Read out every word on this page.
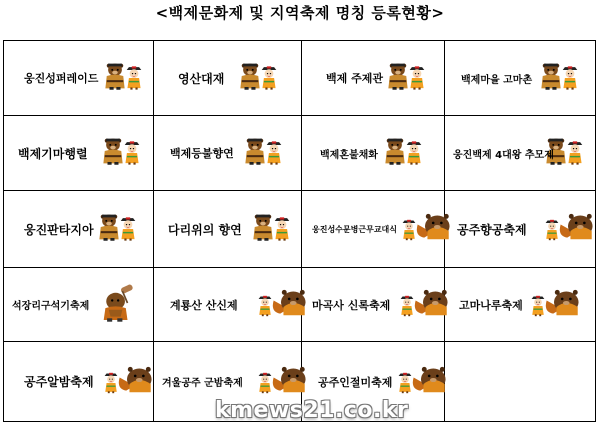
<백제문화제 및 지역축제 명칭 등록현황>
웅진성퍼레이드	영산대재	백제 주제관	백제마을 고마촌
백제기마행렬	백제등불향연	백제혼불채화	웅진백제 4대왕 추모제
웅진판타지아	다리위의 향연	웅진성수문병근무교대식	공주향공축제
석장리구석기축제	계룡산 산신제	마곡사 신록축제	고마나루축제
공주알밤축제	겨울공주 군밤축제	공주인절미축제
kmews21.co.kr
